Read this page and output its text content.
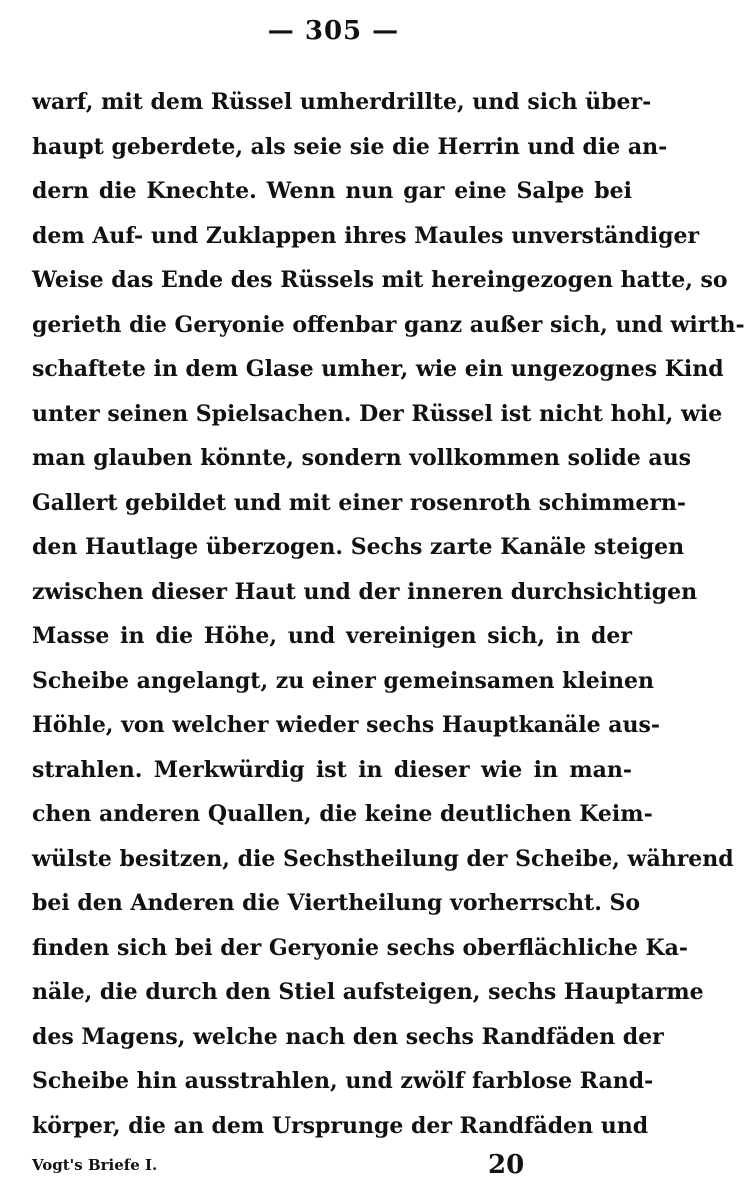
— 305 —
warf, mit dem Rüssel umherdrillte, und sich über-
haupt geberdete, als seie sie die Herrin und die an-
dern die Knechte. Wenn nun gar eine Salpe bei
dem Auf- und Zuklappen ihres Maules unverständiger
Weise das Ende des Rüssels mit hereingezogen hatte, so
gerieth die Geryonie offenbar ganz außer sich, und wirth-
schaftete in dem Glase umher, wie ein ungezognes Kind
unter seinen Spielsachen. Der Rüssel ist nicht hohl, wie
man glauben könnte, sondern vollkommen solide aus
Gallert gebildet und mit einer rosenroth schimmern-
den Hautlage überzogen. Sechs zarte Kanäle steigen
zwischen dieser Haut und der inneren durchsichtigen
Masse in die Höhe, und vereinigen sich, in der
Scheibe angelangt, zu einer gemeinsamen kleinen
Höhle, von welcher wieder sechs Hauptkanäle aus-
strahlen. Merkwürdig ist in dieser wie in man-
chen anderen Quallen, die keine deutlichen Keim-
wülste besitzen, die Sechstheilung der Scheibe, während
bei den Anderen die Viertheilung vorherrscht. So
finden sich bei der Geryonie sechs oberflächliche Ka-
näle, die durch den Stiel aufsteigen, sechs Hauptarme
des Magens, welche nach den sechs Randfäden der
Scheibe hin ausstrahlen, und zwölf farblose Rand-
körper, die an dem Ursprunge der Randfäden und
Vogt's Briefe I.	20
